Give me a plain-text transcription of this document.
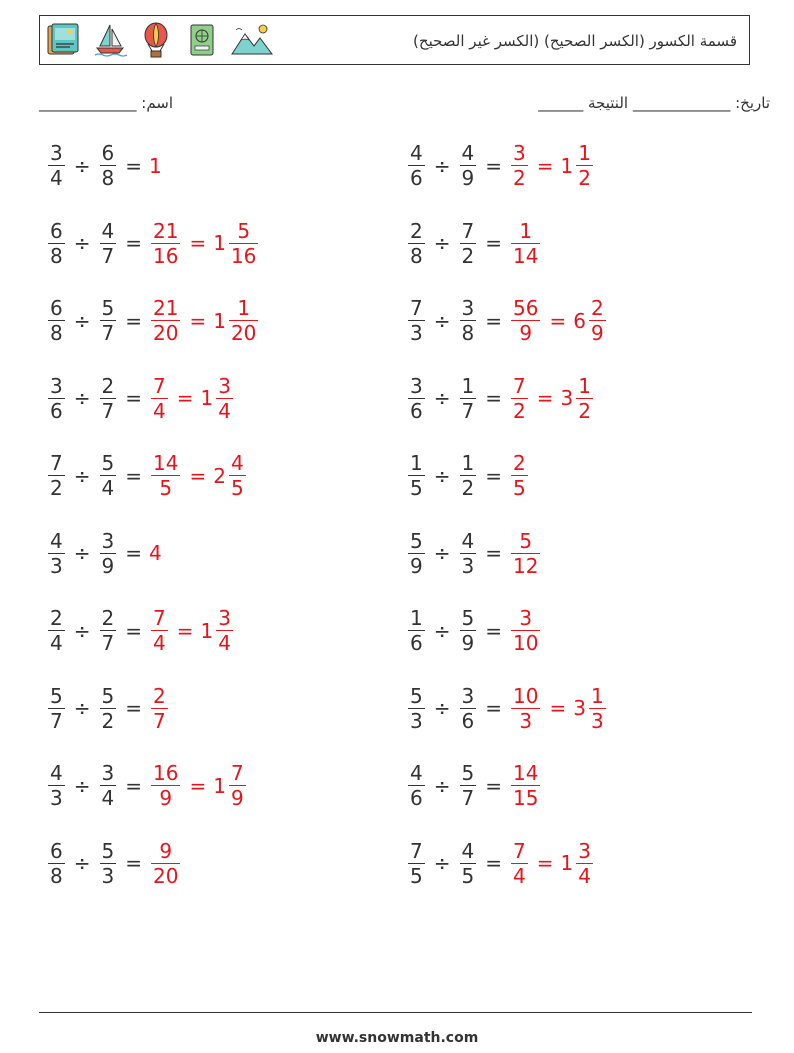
قسمة الكسور (الكسر الصحيح) (الكسر غير الصحيح)
اسم: _____________	تاريخ: _____________ النتيجة ______
$\frac{3}{4} \div \frac{6}{8} = 1$	$\frac{4}{6} \div \frac{4}{9} = \frac{3}{2} = 1 \frac{1}{2}$
$\frac{6}{8} \div \frac{4}{7} = \frac{21}{16} = 1 \frac{5}{16}$	$\frac{2}{8} \div \frac{7}{2} = \frac{1}{14}$
$\frac{6}{8} \div \frac{5}{7} = \frac{21}{20} = 1 \frac{1}{20}$	$\frac{7}{3} \div \frac{3}{8} = \frac{56}{9} = 6 \frac{2}{9}$
$\frac{3}{6} \div \frac{2}{7} = \frac{7}{4} = 1 \frac{3}{4}$	$\frac{3}{6} \div \frac{1}{7} = \frac{7}{2} = 3 \frac{1}{2}$
$\frac{7}{2} \div \frac{5}{4} = \frac{14}{5} = 2 \frac{4}{5}$	$\frac{1}{5} \div \frac{1}{2} = \frac{2}{5}$
$\frac{4}{3} \div \frac{3}{9} = 4$	$\frac{5}{9} \div \frac{4}{3} = \frac{5}{12}$
$\frac{2}{4} \div \frac{2}{7} = \frac{7}{4} = 1 \frac{3}{4}$	$\frac{1}{6} \div \frac{5}{9} = \frac{3}{10}$
$\frac{5}{7} \div \frac{5}{2} = \frac{2}{7}$	$\frac{5}{3} \div \frac{3}{6} = \frac{10}{3} = 3 \frac{1}{3}$
$\frac{4}{3} \div \frac{3}{4} = \frac{16}{9} = 1 \frac{7}{9}$	$\frac{4}{6} \div \frac{5}{7} = \frac{14}{15}$
$\frac{6}{8} \div \frac{5}{3} = \frac{9}{20}$	$\frac{7}{5} \div \frac{4}{5} = \frac{7}{4} = 1 \frac{3}{4}$
www.snowmath.com
